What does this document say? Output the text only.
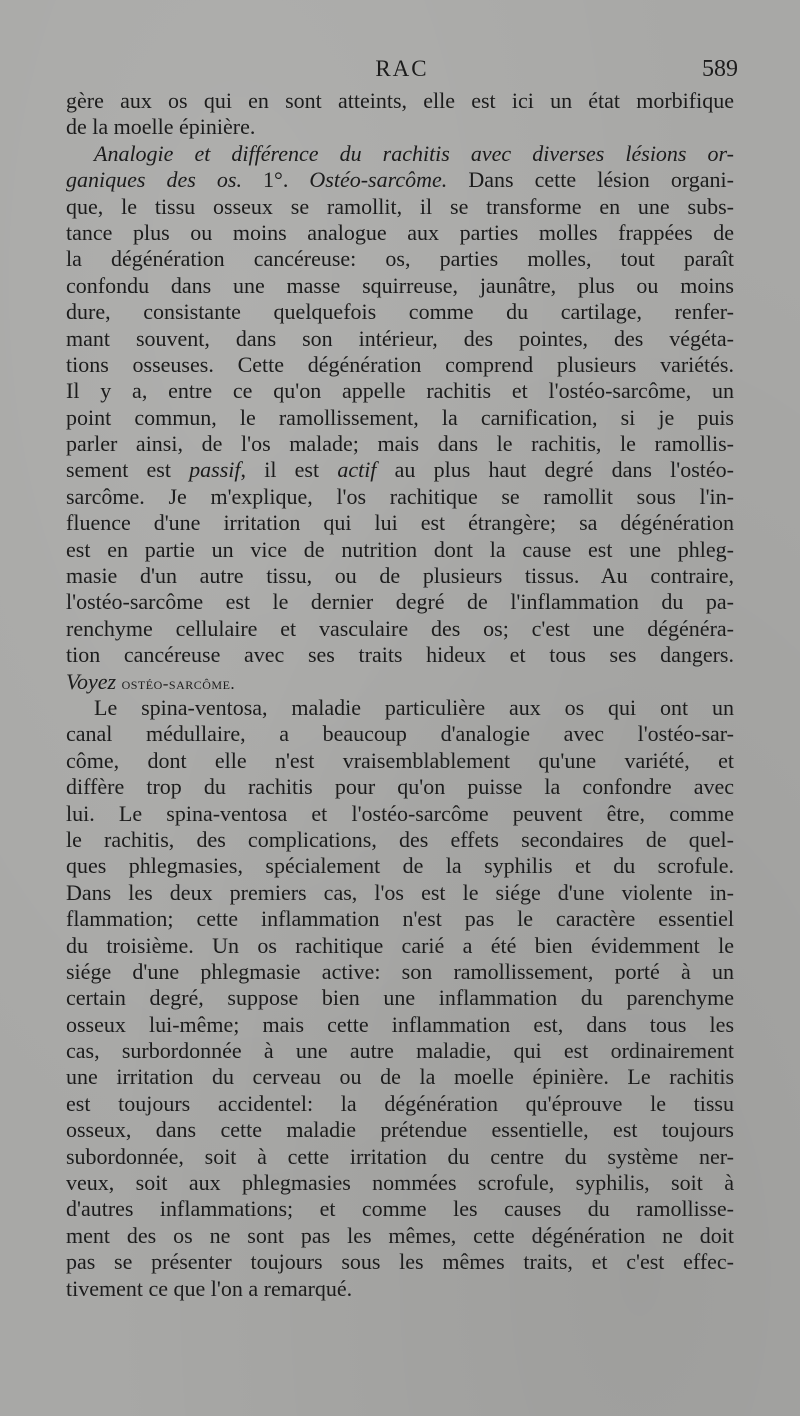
RAC	589
gère aux os qui en sont atteints, elle est ici un état morbifique
de la moelle épinière.
Analogie et différence du rachitis avec diverses lésions or-
ganiques des os. 1°. Ostéo-sarcôme. Dans cette lésion organi-
que, le tissu osseux se ramollit, il se transforme en une subs-
tance plus ou moins analogue aux parties molles frappées de
la dégénération cancéreuse: os, parties molles, tout paraît
confondu dans une masse squirreuse, jaunâtre, plus ou moins
dure, consistante quelquefois comme du cartilage, renfer-
mant souvent, dans son intérieur, des pointes, des végéta-
tions osseuses. Cette dégénération comprend plusieurs variétés.
Il y a, entre ce qu'on appelle rachitis et l'ostéo-sarcôme, un
point commun, le ramollissement, la carnification, si je puis
parler ainsi, de l'os malade; mais dans le rachitis, le ramollis-
sement est passif, il est actif au plus haut degré dans l'ostéo-
sarcôme. Je m'explique, l'os rachitique se ramollit sous l'in-
fluence d'une irritation qui lui est étrangère; sa dégénération
est en partie un vice de nutrition dont la cause est une phleg-
masie d'un autre tissu, ou de plusieurs tissus. Au contraire,
l'ostéo-sarcôme est le dernier degré de l'inflammation du pa-
renchyme cellulaire et vasculaire des os; c'est une dégénéra-
tion cancéreuse avec ses traits hideux et tous ses dangers.
Voyez ostéo-sarcôme.
Le spina-ventosa, maladie particulière aux os qui ont un
canal médullaire, a beaucoup d'analogie avec l'ostéo-sar-
côme, dont elle n'est vraisemblablement qu'une variété, et
diffère trop du rachitis pour qu'on puisse la confondre avec
lui. Le spina-ventosa et l'ostéo-sarcôme peuvent être, comme
le rachitis, des complications, des effets secondaires de quel-
ques phlegmasies, spécialement de la syphilis et du scrofule.
Dans les deux premiers cas, l'os est le siége d'une violente in-
flammation; cette inflammation n'est pas le caractère essentiel
du troisième. Un os rachitique carié a été bien évidemment le
siége d'une phlegmasie active: son ramollissement, porté à un
certain degré, suppose bien une inflammation du parenchyme
osseux lui-même; mais cette inflammation est, dans tous les
cas, surbordonnée à une autre maladie, qui est ordinairement
une irritation du cerveau ou de la moelle épinière. Le rachitis
est toujours accidentel: la dégénération qu'éprouve le tissu
osseux, dans cette maladie prétendue essentielle, est toujours
subordonnée, soit à cette irritation du centre du système ner-
veux, soit aux phlegmasies nommées scrofule, syphilis, soit à
d'autres inflammations; et comme les causes du ramollisse-
ment des os ne sont pas les mêmes, cette dégénération ne doit
pas se présenter toujours sous les mêmes traits, et c'est effec-
tivement ce que l'on a remarqué.
